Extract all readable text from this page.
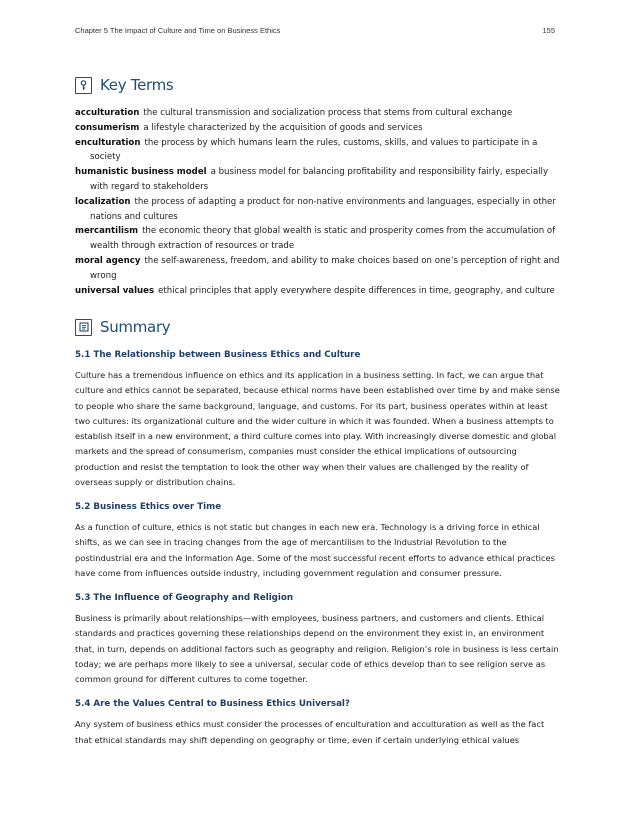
Chapter 5 The Impact of Culture and Time on Business Ethics	155
Key Terms
acculturation the cultural transmission and socialization process that stems from cultural exchange
consumerism a lifestyle characterized by the acquisition of goods and services
enculturation the process by which humans learn the rules, customs, skills, and values to participate in a society
humanistic business model a business model for balancing profitability and responsibility fairly, especially with regard to stakeholders
localization the process of adapting a product for non-native environments and languages, especially in other nations and cultures
mercantilism the economic theory that global wealth is static and prosperity comes from the accumulation of wealth through extraction of resources or trade
moral agency the self-awareness, freedom, and ability to make choices based on one’s perception of right and wrong
universal values ethical principles that apply everywhere despite differences in time, geography, and culture
Summary
5.1 The Relationship between Business Ethics and Culture

Culture has a tremendous influence on ethics and its application in a business setting. In fact, we can argue that culture and ethics cannot be separated, because ethical norms have been established over time by and make sense to people who share the same background, language, and customs. For its part, business operates within at least two cultures: its organizational culture and the wider culture in which it was founded. When a business attempts to establish itself in a new environment, a third culture comes into play. With increasingly diverse domestic and global markets and the spread of consumerism, companies must consider the ethical implications of outsourcing production and resist the temptation to look the other way when their values are challenged by the reality of overseas supply or distribution chains.

5.2 Business Ethics over Time

As a function of culture, ethics is not static but changes in each new era. Technology is a driving force in ethical shifts, as we can see in tracing changes from the age of mercantilism to the Industrial Revolution to the postindustrial era and the Information Age. Some of the most successful recent efforts to advance ethical practices have come from influences outside industry, including government regulation and consumer pressure.

5.3 The Influence of Geography and Religion

Business is primarily about relationships—with employees, business partners, and customers and clients. Ethical standards and practices governing these relationships depend on the environment they exist in, an environment that, in turn, depends on additional factors such as geography and religion. Religion’s role in business is less certain today; we are perhaps more likely to see a universal, secular code of ethics develop than to see religion serve as common ground for different cultures to come together.

5.4 Are the Values Central to Business Ethics Universal?

Any system of business ethics must consider the processes of enculturation and acculturation as well as the fact that ethical standards may shift depending on geography or time, even if certain underlying ethical values
